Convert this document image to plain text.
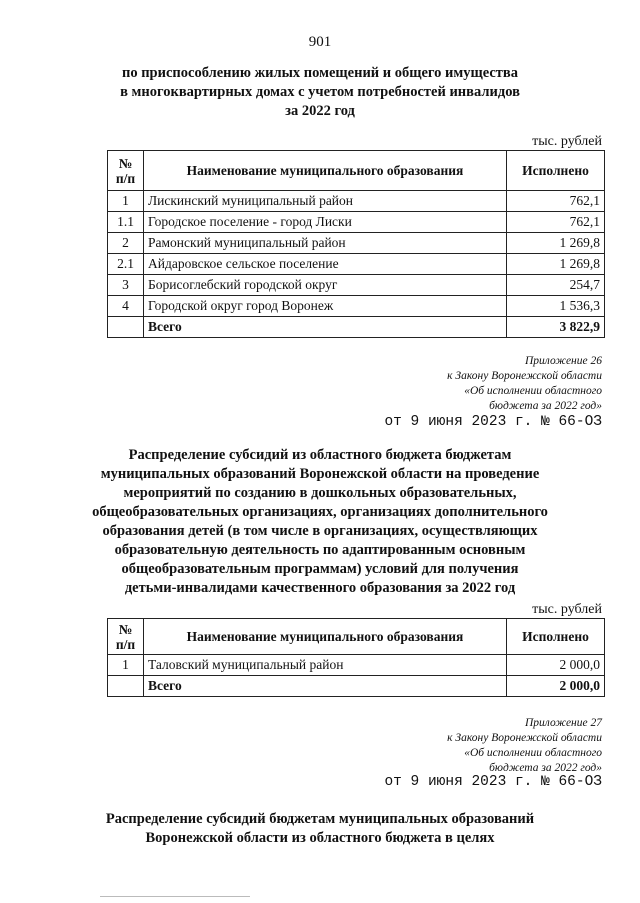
901
по приспособлению жилых помещений и общего имущества
в многоквартирных домах с учетом потребностей инвалидов
за 2022 год
тыс. рублей
№
п/п	Наименование муниципального образования	Исполнено
1	Лискинский муниципальный район	762,1
1.1	Городское поселение - город Лиски	762,1
2	Рамонский муниципальный район	1 269,8
2.1	Айдаровское сельское поселение	1 269,8
3	Борисоглебский городской округ	254,7
4	Городской округ город Воронеж	1 536,3
	Всего	3 822,9
Приложение 26
к Закону Воронежской области
«Об исполнении областного
бюджета за 2022 год»
от 9 июня 2023 г. № 66-ОЗ
Распределение субсидий из областного бюджета бюджетам
муниципальных образований Воронежской области на проведение
мероприятий по созданию в дошкольных образовательных,
общеобразовательных организациях, организациях дополнительного
образования детей (в том числе в организациях, осуществляющих
образовательную деятельность по адаптированным основным
общеобразовательным программам) условий для получения
детьми-инвалидами качественного образования за 2022 год
тыс. рублей
№
п/п	Наименование муниципального образования	Исполнено
1	Таловский муниципальный район	2 000,0
	Всего	2 000,0
Приложение 27
к Закону Воронежской области
«Об исполнении областного
бюджета за 2022 год»
от 9 июня 2023 г. № 66-ОЗ
Распределение субсидий бюджетам муниципальных образований
Воронежской области из областного бюджета в целях
